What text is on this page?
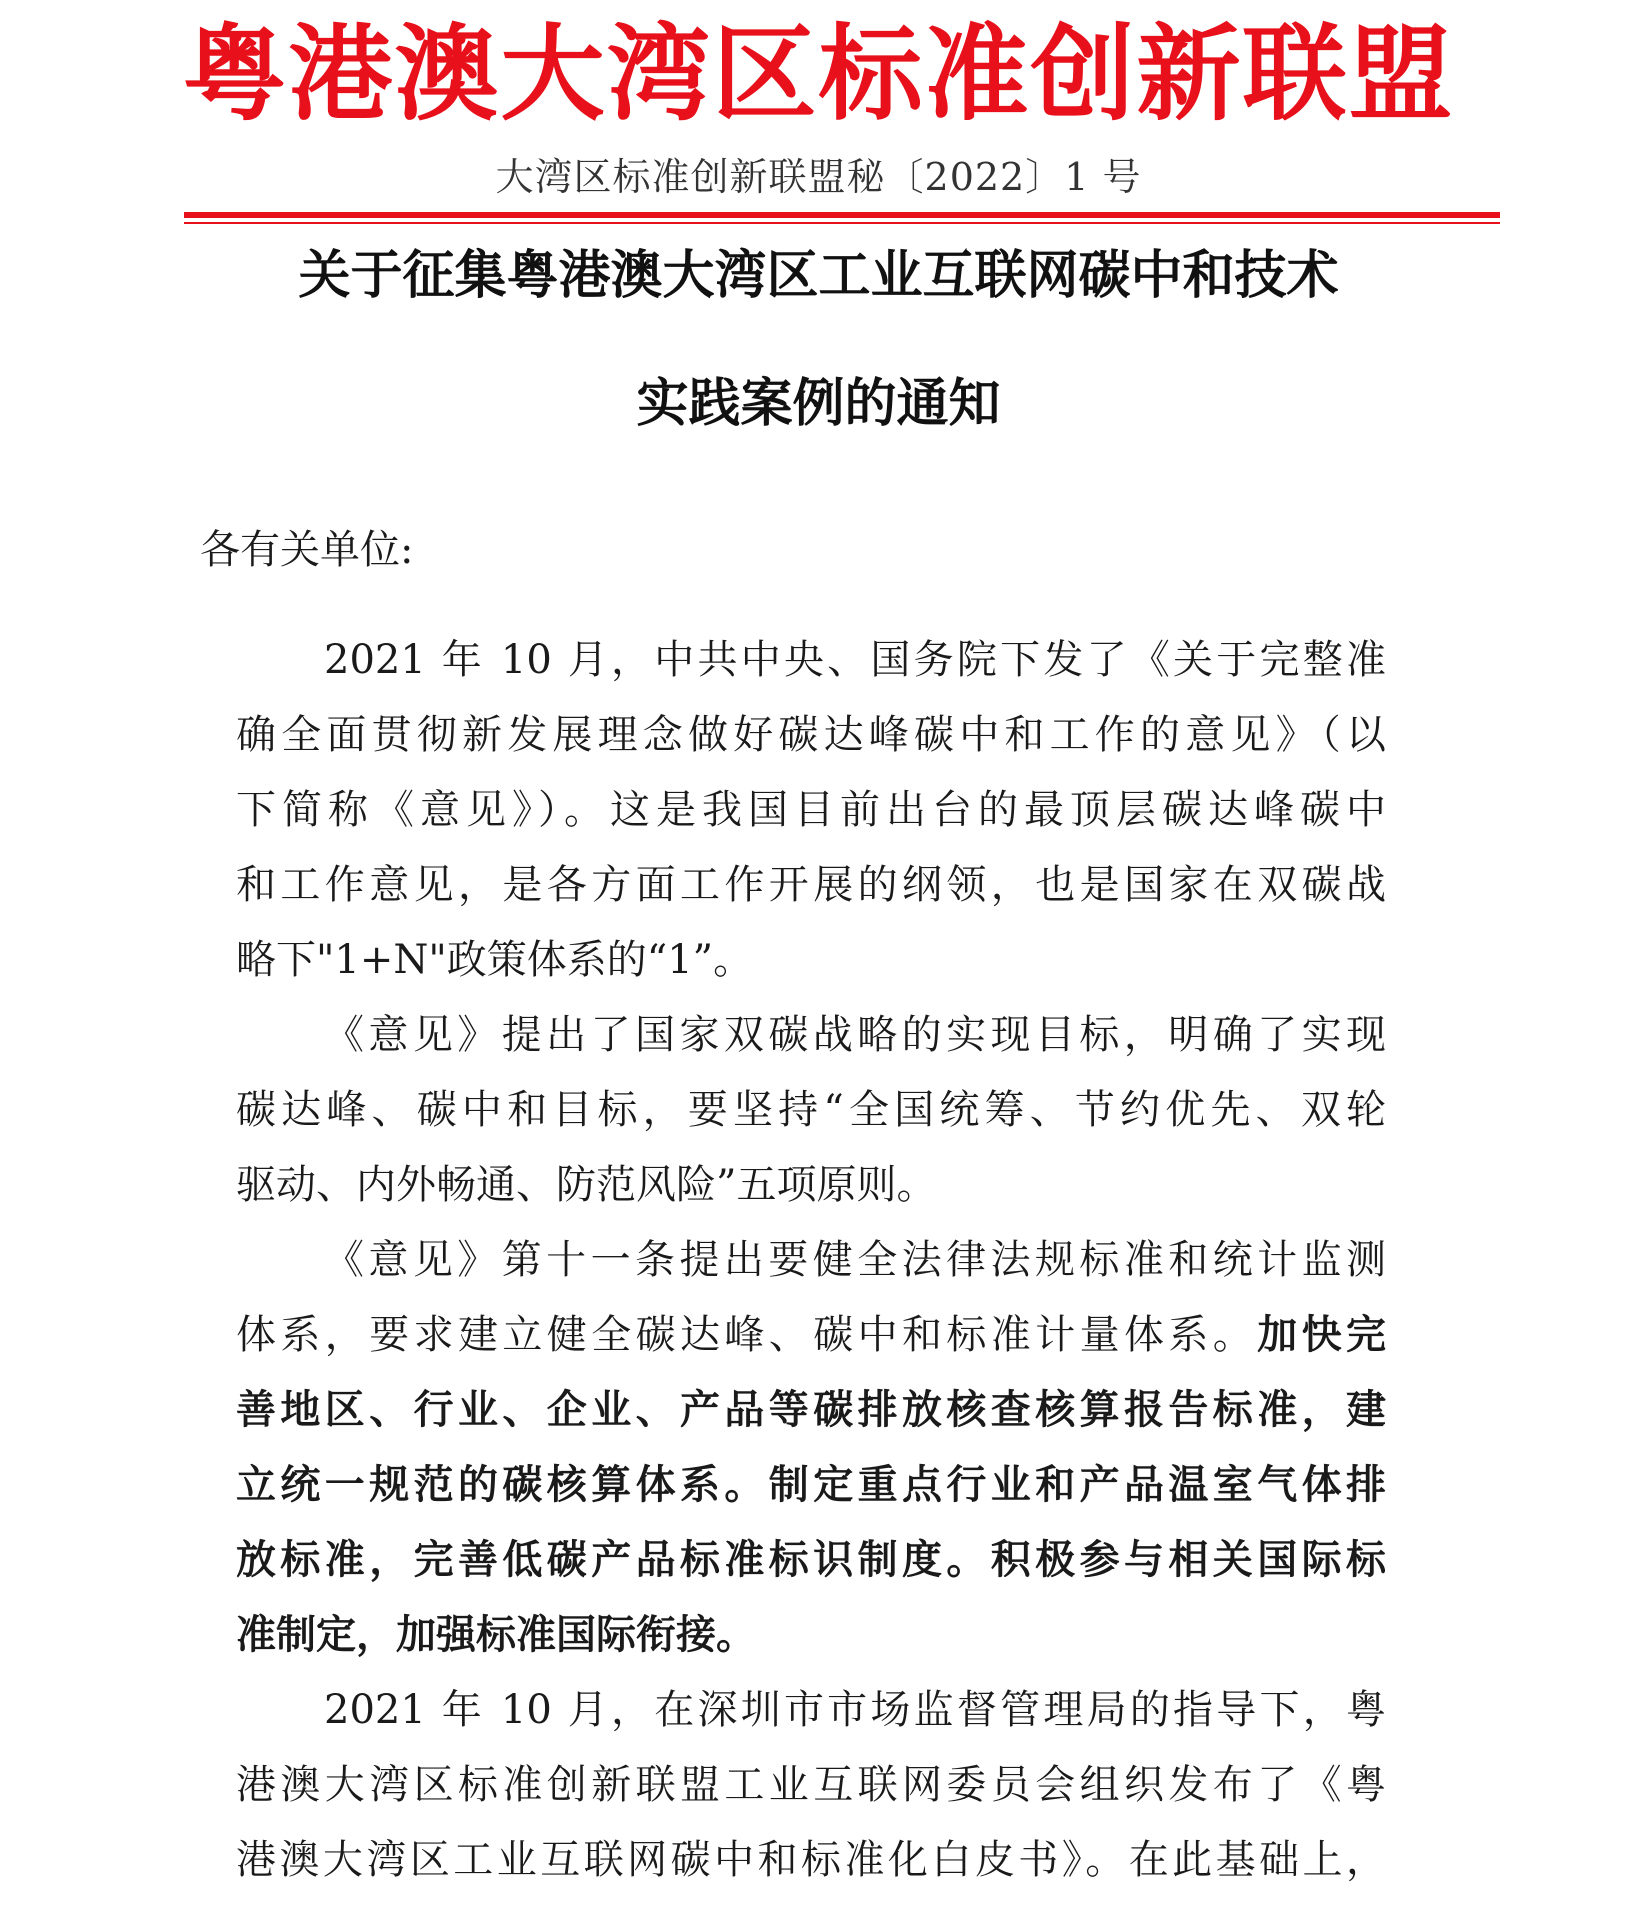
粤港澳大湾区标准创新联盟
大湾区标准创新联盟秘〔2022〕1 号
关于征集粤港澳大湾区工业互联网碳中和技术
实践案例的通知
各有关单位:
2021 年 10 月，中共中央、国务院下发了《关于完整准
确全面贯彻新发展理念做好碳达峰碳中和工作的意见》（以
下简称《意见》）。这是我国目前出台的最顶层碳达峰碳中
和工作意见，是各方面工作开展的纲领，也是国家在双碳战
略下"1+N"政策体系的“1”。
《意见》提出了国家双碳战略的实现目标，明确了实现
碳达峰、碳中和目标，要坚持“全国统筹、节约优先、双轮
驱动、内外畅通、防范风险”五项原则。
《意见》第十一条提出要健全法律法规标准和统计监测
体系，要求建立健全碳达峰、碳中和标准计量体系。加快完
善地区、行业、企业、产品等碳排放核查核算报告标准，建
立统一规范的碳核算体系。制定重点行业和产品温室气体排
放标准，完善低碳产品标准标识制度。积极参与相关国际标
准制定，加强标准国际衔接。
2021 年 10 月，在深圳市市场监督管理局的指导下，粤
港澳大湾区标准创新联盟工业互联网委员会组织发布了《粤
港澳大湾区工业互联网碳中和标准化白皮书》。在此基础上，
